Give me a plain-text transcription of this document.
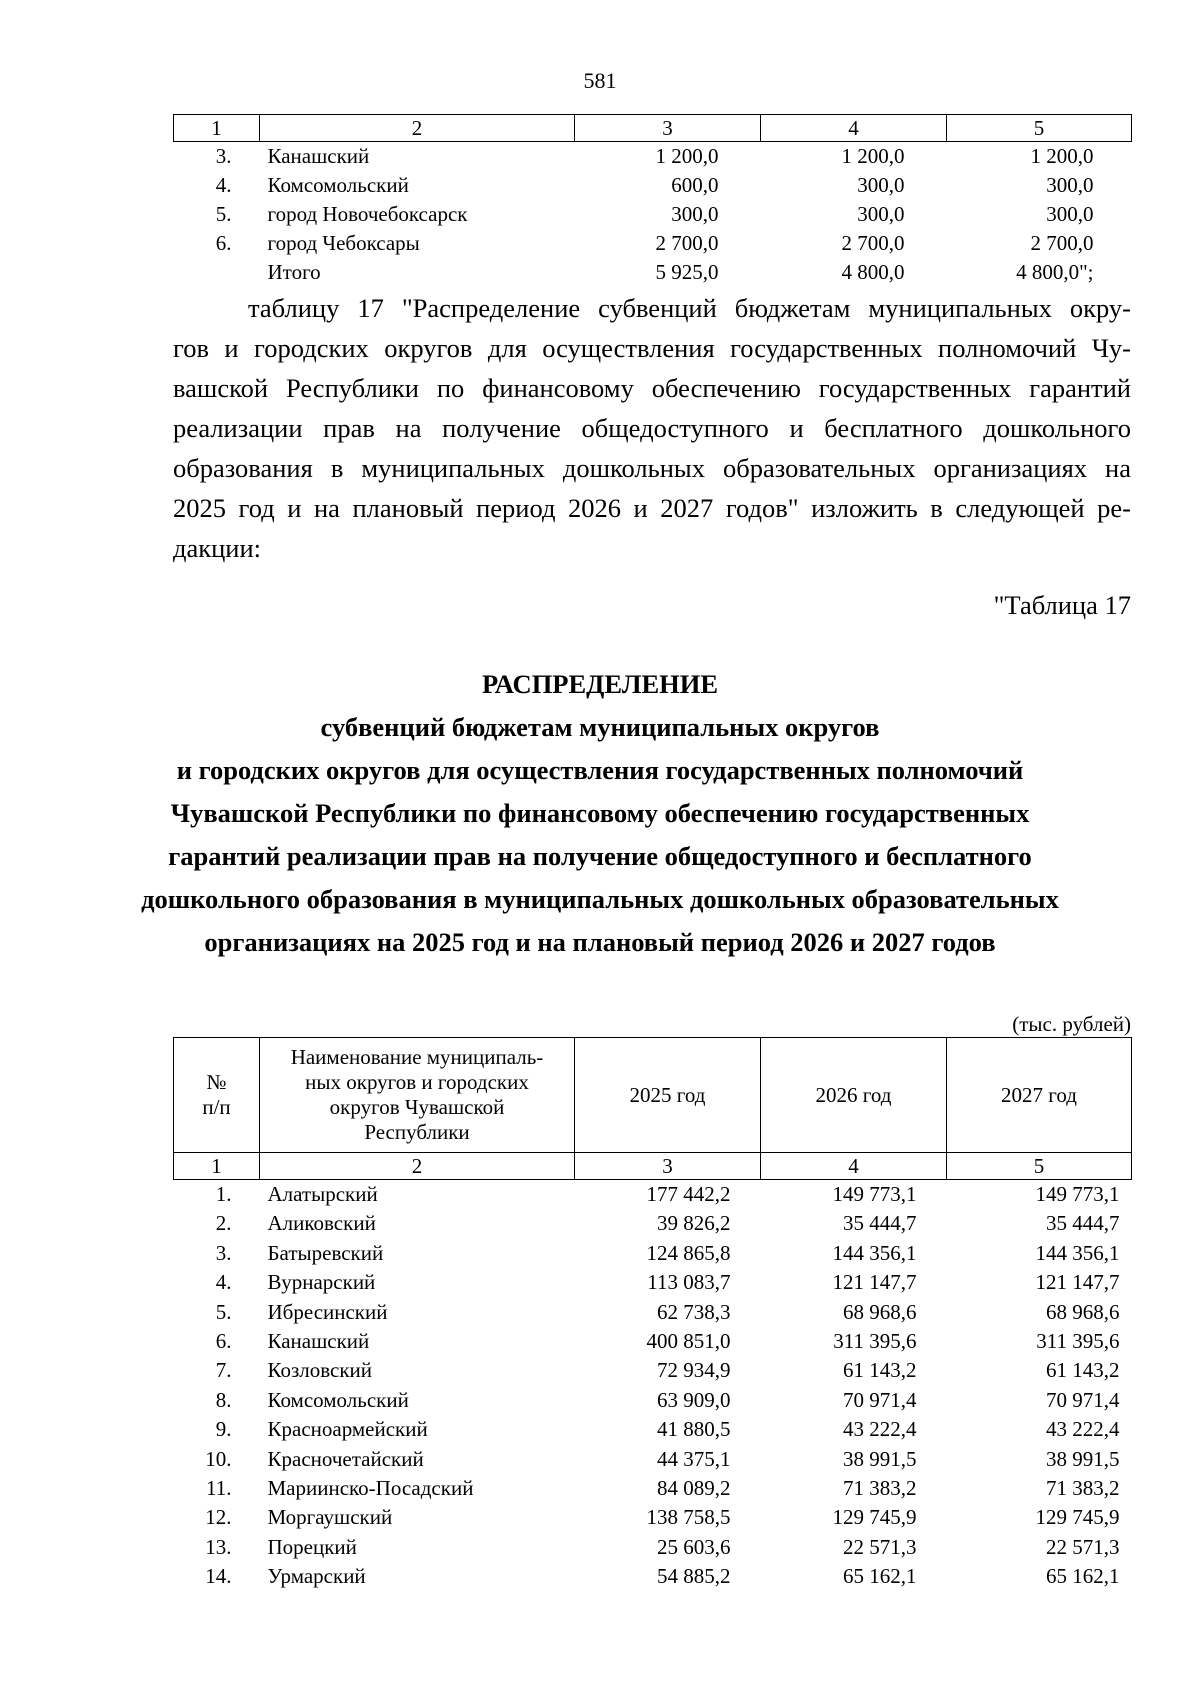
581
1	2	3	4	5
3.	Канашский	1 200,0	1 200,0	1 200,0
4.	Комсомольский	600,0	300,0	300,0
5.	город Новочебоксарск	300,0	300,0	300,0
6.	город Чебоксары	2 700,0	2 700,0	2 700,0
	Итого	5 925,0	4 800,0	4 800,0";
таблицу 17 "Распределение субвенций бюджетам муниципальных окру-
гов и городских округов для осуществления государственных полномочий Чу-
вашской Республики по финансовому обеспечению государственных гарантий
реализации прав на получение общедоступного и бесплатного дошкольного
образования в муниципальных дошкольных образовательных организациях на
2025 год и на плановый период 2026 и 2027 годов" изложить в следующей ре-
дакции:
"Таблица 17
РАСПРЕДЕЛЕНИЕ
субвенций бюджетам муниципальных округов
и городских округов для осуществления государственных полномочий
Чувашской Республики по финансовому обеспечению государственных
гарантий реализации прав на получение общедоступного и бесплатного
дошкольного образования в муниципальных дошкольных образовательных
организациях на 2025 год и на плановый период 2026 и 2027 годов
(тыс. рублей)
№
п/п	Наименование муниципаль-
ных округов и городских
округов Чувашской
Республики	2025 год	2026 год	2027 год
1	2	3	4	5
1.	Алатырский	177 442,2	149 773,1	149 773,1
2.	Аликовский	39 826,2	35 444,7	35 444,7
3.	Батыревский	124 865,8	144 356,1	144 356,1
4.	Вурнарский	113 083,7	121 147,7	121 147,7
5.	Ибресинский	62 738,3	68 968,6	68 968,6
6.	Канашский	400 851,0	311 395,6	311 395,6
7.	Козловский	72 934,9	61 143,2	61 143,2
8.	Комсомольский	63 909,0	70 971,4	70 971,4
9.	Красноармейский	41 880,5	43 222,4	43 222,4
10.	Красночетайский	44 375,1	38 991,5	38 991,5
11.	Мариинско-Посадский	84 089,2	71 383,2	71 383,2
12.	Моргаушский	138 758,5	129 745,9	129 745,9
13.	Порецкий	25 603,6	22 571,3	22 571,3
14.	Урмарский	54 885,2	65 162,1	65 162,1
